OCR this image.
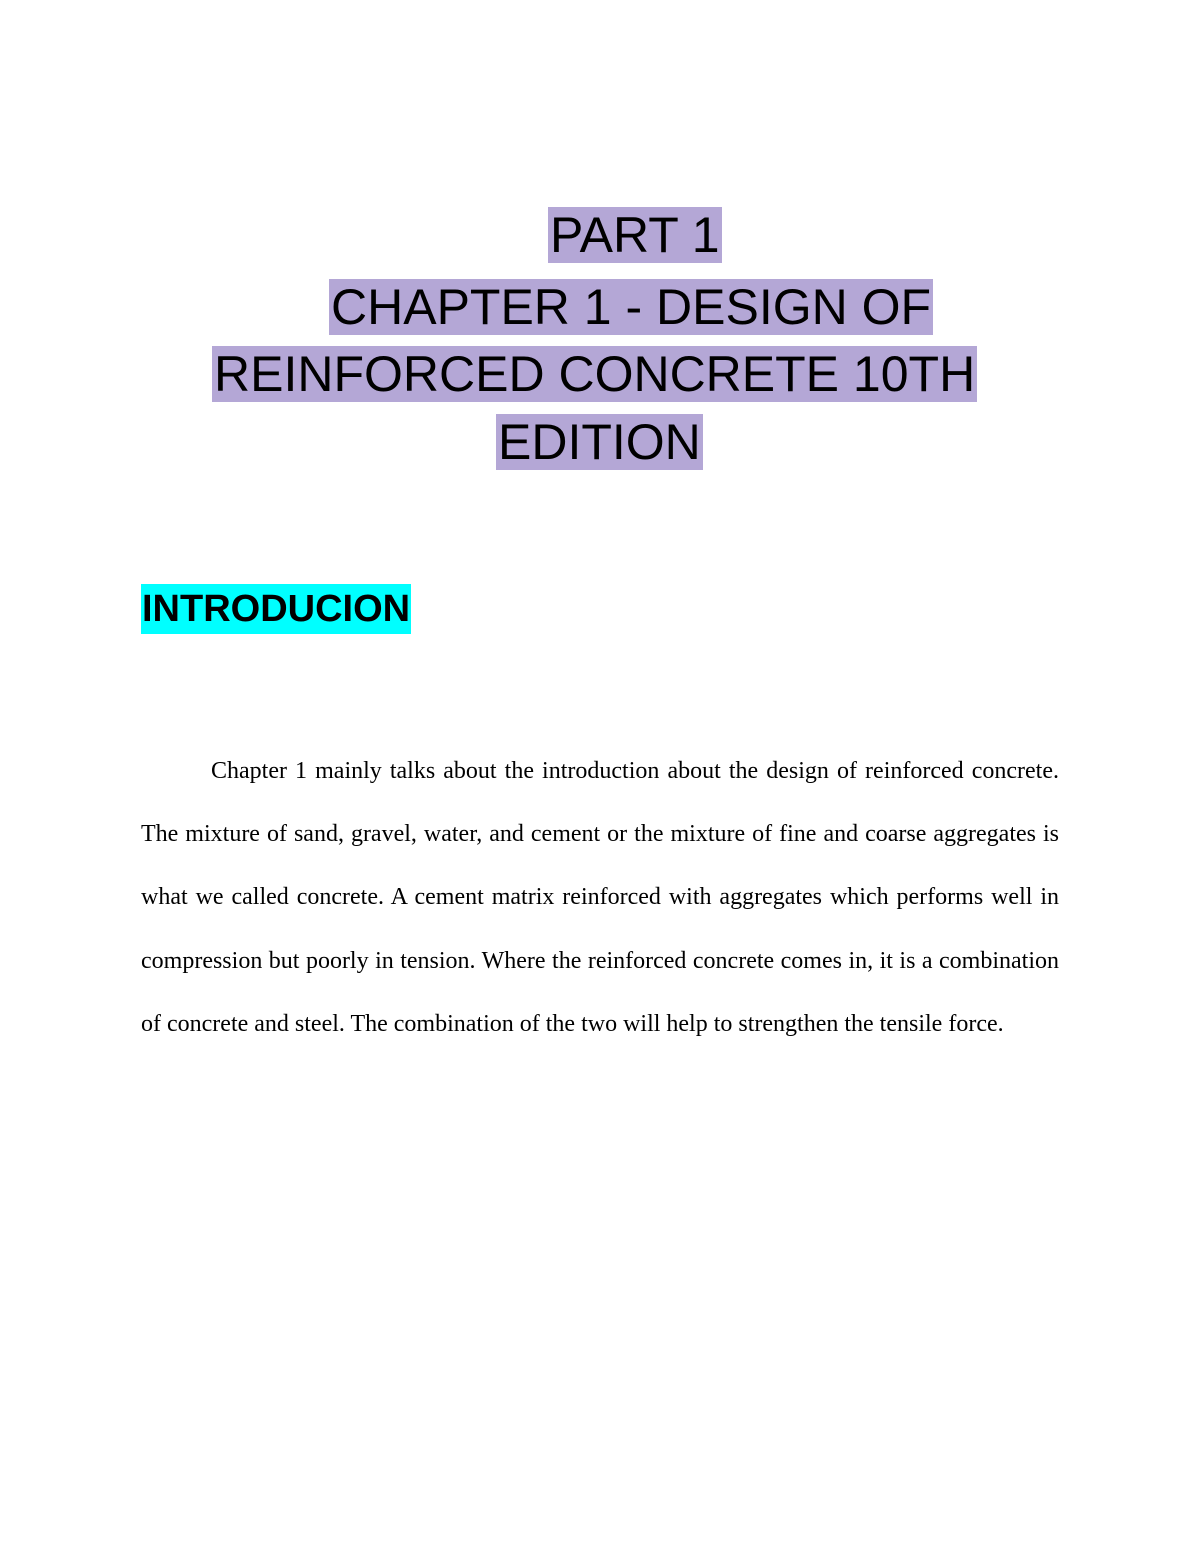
PART 1
CHAPTER 1 - DESIGN OF
REINFORCED CONCRETE 10TH
EDITION
INTRODUCION

Chapter 1 mainly talks about the introduction about the design of reinforced concrete. The mixture of sand, gravel, water, and cement or the mixture of fine and coarse aggregates is what we called concrete. A cement matrix reinforced with aggregates which performs well in compression but poorly in tension. Where the reinforced concrete comes in, it is a combination of concrete and steel. The combination of the two will help to strengthen the tensile force.
